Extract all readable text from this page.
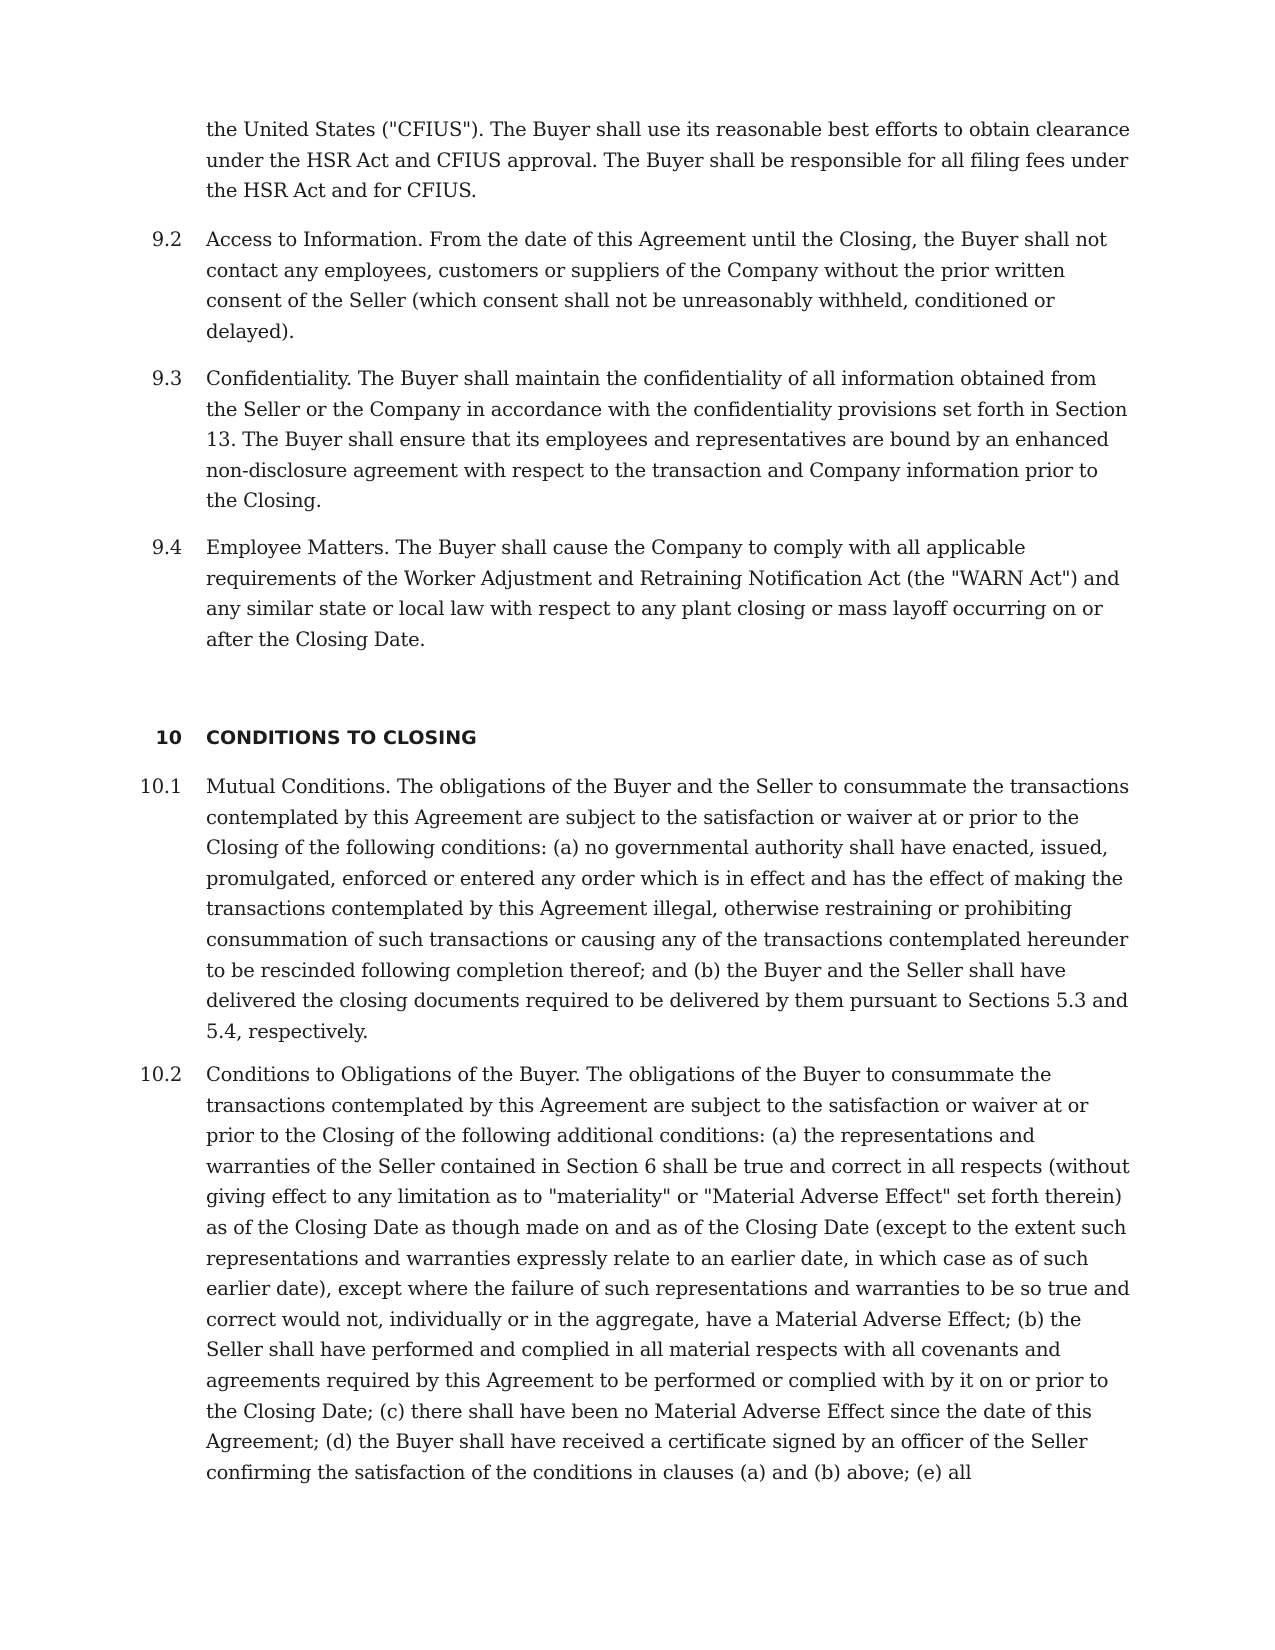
the United States ("CFIUS"). The Buyer shall use its reasonable best efforts to obtain clearance under the HSR Act and CFIUS approval. The Buyer shall be responsible for all filing fees under the HSR Act and for CFIUS.

9.2 Access to Information. From the date of this Agreement until the Closing, the Buyer shall not contact any employees, customers or suppliers of the Company without the prior written consent of the Seller (which consent shall not be unreasonably withheld, conditioned or delayed).

9.3 Confidentiality. The Buyer shall maintain the confidentiality of all information obtained from the Seller or the Company in accordance with the confidentiality provisions set forth in Section 13. The Buyer shall ensure that its employees and representatives are bound by an enhanced non-disclosure agreement with respect to the transaction and Company information prior to the Closing.

9.4 Employee Matters. The Buyer shall cause the Company to comply with all applicable requirements of the Worker Adjustment and Retraining Notification Act (the "WARN Act") and any similar state or local law with respect to any plant closing or mass layoff occurring on or after the Closing Date.

10 CONDITIONS TO CLOSING

10.1 Mutual Conditions. The obligations of the Buyer and the Seller to consummate the transactions contemplated by this Agreement are subject to the satisfaction or waiver at or prior to the Closing of the following conditions: (a) no governmental authority shall have enacted, issued, promulgated, enforced or entered any order which is in effect and has the effect of making the transactions contemplated by this Agreement illegal, otherwise restraining or prohibiting consummation of such transactions or causing any of the transactions contemplated hereunder to be rescinded following completion thereof; and (b) the Buyer and the Seller shall have delivered the closing documents required to be delivered by them pursuant to Sections 5.3 and 5.4, respectively.

10.2 Conditions to Obligations of the Buyer. The obligations of the Buyer to consummate the transactions contemplated by this Agreement are subject to the satisfaction or waiver at or prior to the Closing of the following additional conditions: (a) the representations and warranties of the Seller contained in Section 6 shall be true and correct in all respects (without giving effect to any limitation as to "materiality" or "Material Adverse Effect" set forth therein) as of the Closing Date as though made on and as of the Closing Date (except to the extent such representations and warranties expressly relate to an earlier date, in which case as of such earlier date), except where the failure of such representations and warranties to be so true and correct would not, individually or in the aggregate, have a Material Adverse Effect; (b) the Seller shall have performed and complied in all material respects with all covenants and agreements required by this Agreement to be performed or complied with by it on or prior to the Closing Date; (c) there shall have been no Material Adverse Effect since the date of this Agreement; (d) the Buyer shall have received a certificate signed by an officer of the Seller confirming the satisfaction of the conditions in clauses (a) and (b) above; (e) all
